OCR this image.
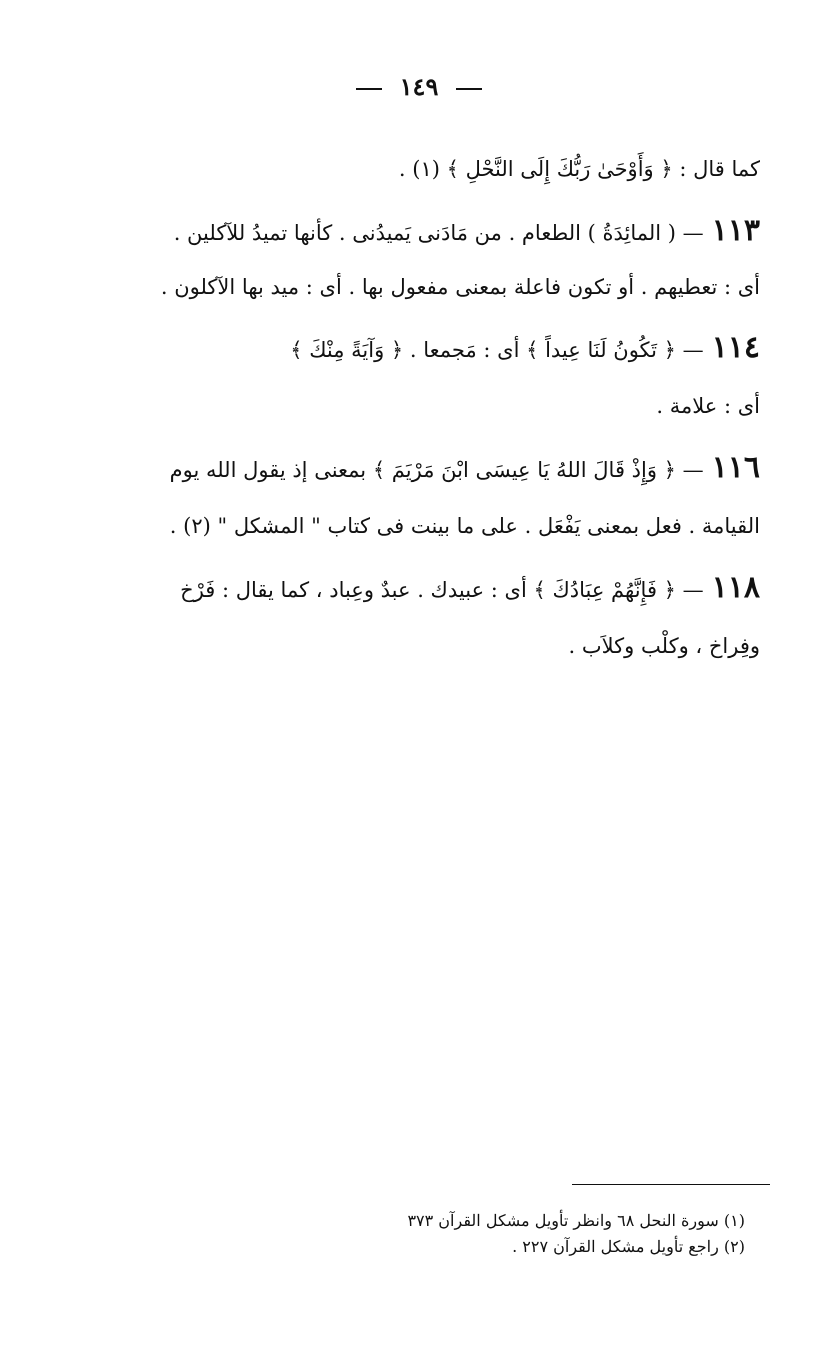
١٤٩
كما قال : ﴿ وَأَوْحَىٰ رَبُّكَ إِلَى النَّحْلِ ﴾ (١) .
١١٣— ( المائِدَةُ ) الطعام . من مَادَنى يَميدُنى . كأنها تميدُ للآكلين .
أى : تعطيهم . أو تكون فاعلة بمعنى مفعول بها . أى : ميد بها الآكلون .
١١٤— ﴿ تَكُونُ لَنَا عِيداً ﴾ أى : مَجمعا . ﴿ وَآيَةً مِنْكَ ﴾
أى : علامة .
١١٦— ﴿ وَإِذْ قَالَ اللهُ يَا عِيسَى ابْنَ مَرْيَمَ ﴾ بمعنى إذ يقول الله يوم
القيامة . فعل بمعنى يَفْعَل . على ما بينت فى كتاب " المشكل " (٢) .
١١٨— ﴿ فَإِنَّهُمْ عِبَادُكَ ﴾ أى : عبيدك . عبدٌ وعِباد ، كما يقال : فَرْخ
وفِراخ ، وكلْب وكلاَب .
(١) سورة النحل ٦٨ وانظر تأويل مشكل القرآن ٣٧٣
(٢) راجع تأويل مشكل القرآن ٢٢٧ .
